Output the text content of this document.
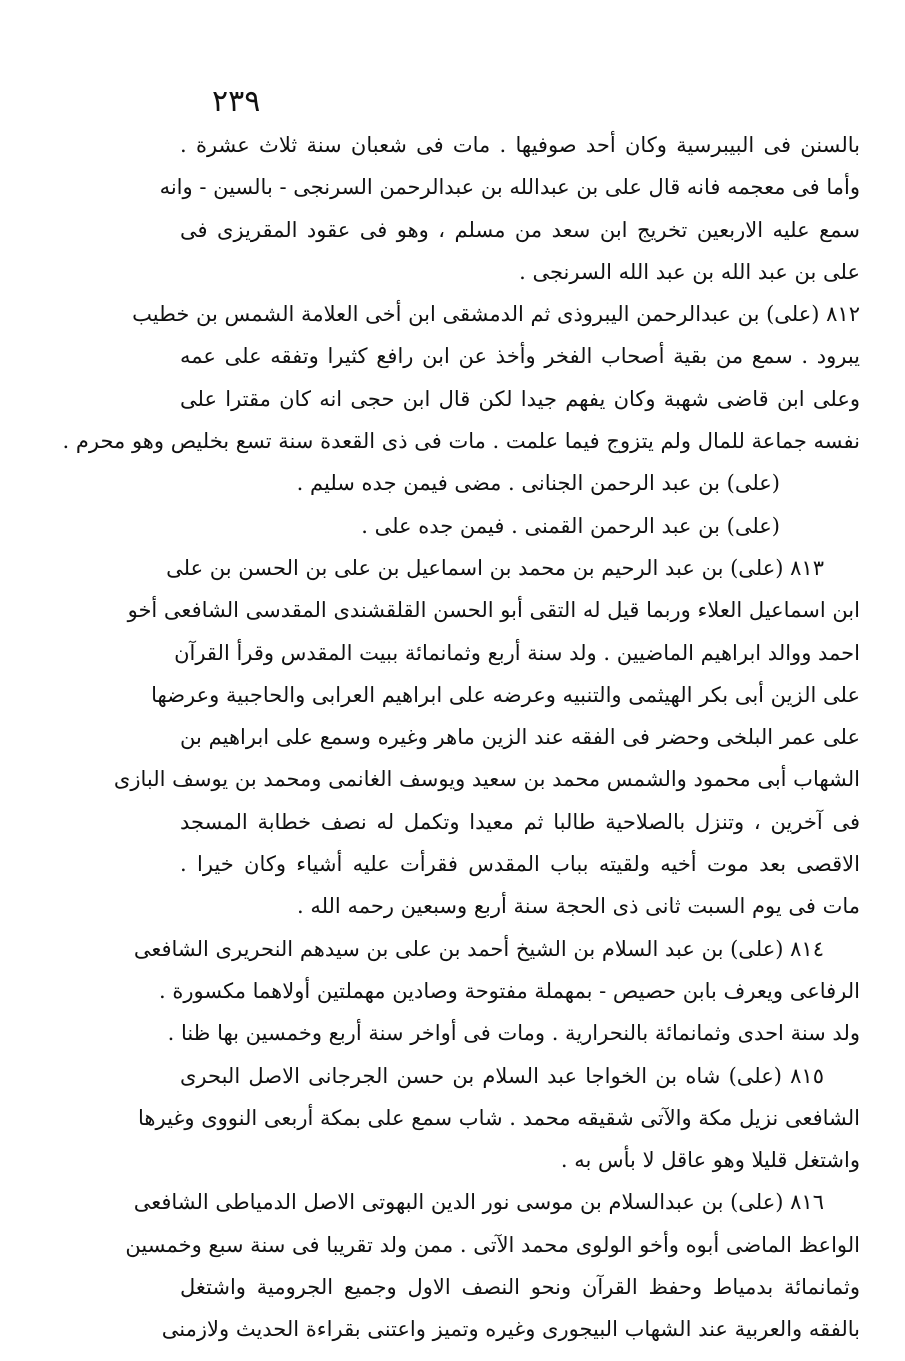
٢٣٩
بالسنن فى البيبرسية وكان أحد صوفيها . مات فى شعبان سنة ثلاث عشرة .
وأما فى معجمه فانه قال على بن عبدالله بن عبدالرحمن السرنجى - بالسين - وانه
سمع عليه الاربعين تخريج ابن سعد من مسلم ، وهو فى عقود المقريزى فى
على بن عبد الله بن عبد الله السرنجى .
٨١٢ (على) بن عبدالرحمن اليبروذى ثم الدمشقى ابن أخى العلامة الشمس بن خطيب
يبرود . سمع من بقية أصحاب الفخر وأخذ عن ابن رافع كثيرا وتفقه على عمه
وعلى ابن قاضى شهبة وكان يفهم جيدا لكن قال ابن حجى انه كان مقترا على
نفسه جماعة للمال ولم يتزوج فيما علمت . مات فى ذى القعدة سنة تسع بخليص وهو محرم .
(على) بن عبد الرحمن الجنانى . مضى فيمن جده سليم .
(على) بن عبد الرحمن القمنى . فيمن جده على .
٨١٣ (على) بن عبد الرحيم بن محمد بن اسماعيل بن على بن الحسن بن على
ابن اسماعيل العلاء وربما قيل له التقى أبو الحسن القلقشندى المقدسى الشافعى أخو
احمد ووالد ابراهيم الماضيين . ولد سنة أربع وثمانمائة ببيت المقدس وقرأ القرآن
على الزين أبى بكر الهيثمى والتنبيه وعرضه على ابراهيم العرابى والحاجبية وعرضها
على عمر البلخى وحضر فى الفقه عند الزين ماهر وغيره وسمع على ابراهيم بن
الشهاب أبى محمود والشمس محمد بن سعيد ويوسف الغانمى ومحمد بن يوسف البازى
فى آخرين ، وتنزل بالصلاحية طالبا ثم معيدا وتكمل له نصف خطابة المسجد
الاقصى بعد موت أخيه ولقيته بباب المقدس فقرأت عليه أشياء وكان خيرا .
مات فى يوم السبت ثانى ذى الحجة سنة أربع وسبعين رحمه الله .
٨١٤ (على) بن عبد السلام بن الشيخ أحمد بن على بن سيدهم النحريرى الشافعى
الرفاعى ويعرف بابن حصيص - بمهملة مفتوحة وصادين مهملتين أولاهما مكسورة .
ولد سنة احدى وثمانمائة بالنحرارية . ومات فى أواخر سنة أربع وخمسين بها ظنا .
٨١٥ (على) شاه بن الخواجا عبد السلام بن حسن الجرجانى الاصل البحرى
الشافعى نزيل مكة والآتى شقيقه محمد . شاب سمع على بمكة أربعى النووى وغيرها
واشتغل قليلا وهو عاقل لا بأس به .
٨١٦ (على) بن عبدالسلام بن موسى نور الدين البهوتى الاصل الدمياطى الشافعى
الواعظ الماضى أبوه وأخو الولوى محمد الآتى . ممن ولد تقريبا فى سنة سبع وخمسين
وثمانمائة بدمياط وحفظ القرآن ونحو النصف الاول وجميع الجرومية واشتغل
بالفقه والعربية عند الشهاب البيجورى وغيره وتميز واعتنى بقراءة الحديث ولازمنى
